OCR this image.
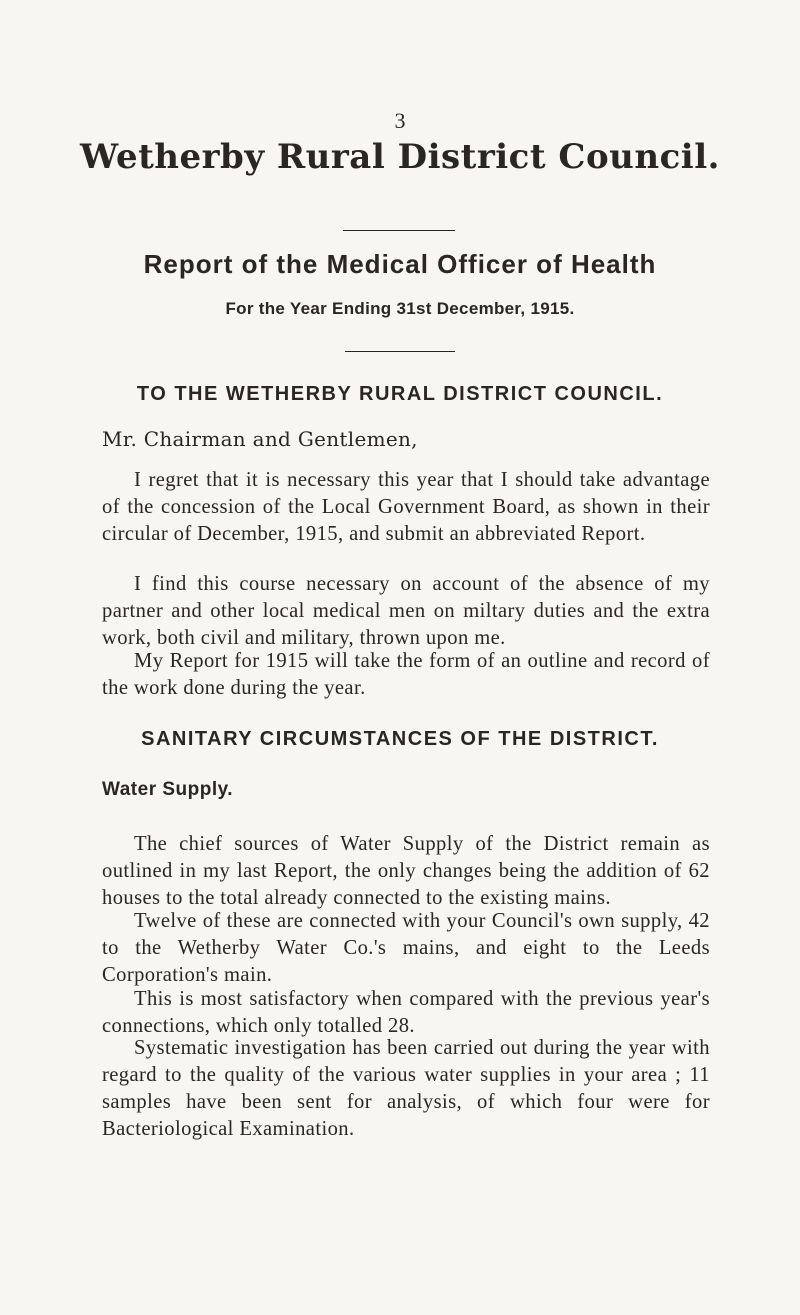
3
Wetherby Rural District Council.
Report of the Medical Officer of Health
For the Year Ending 31st December, 1915.
TO THE WETHERBY RURAL DISTRICT COUNCIL.
Mr. Chairman and Gentlemen,

I regret that it is necessary this year that I should take advantage of the concession of the Local Government Board, as shown in their circular of December, 1915, and submit an abbreviated Report.

I find this course necessary on account of the absence of my partner and other local medical men on miltary duties and the extra work, both civil and military, thrown upon me.

My Report for 1915 will take the form of an outline and record of the work done during the year.

SANITARY CIRCUMSTANCES OF THE DISTRICT.
Water Supply.

The chief sources of Water Supply of the District remain as outlined in my last Report, the only changes being the addition of 62 houses to the total already connected to the existing mains.

Twelve of these are connected with your Council's own supply, 42 to the Wetherby Water Co.'s mains, and eight to the Leeds Corporation's main.

This is most satisfactory when compared with the previous year's connections, which only totalled 28.

Systematic investigation has been carried out during the year with regard to the quality of the various water supplies in your area ; 11 samples have been sent for analysis, of which four were for Bacteriological Examination.
